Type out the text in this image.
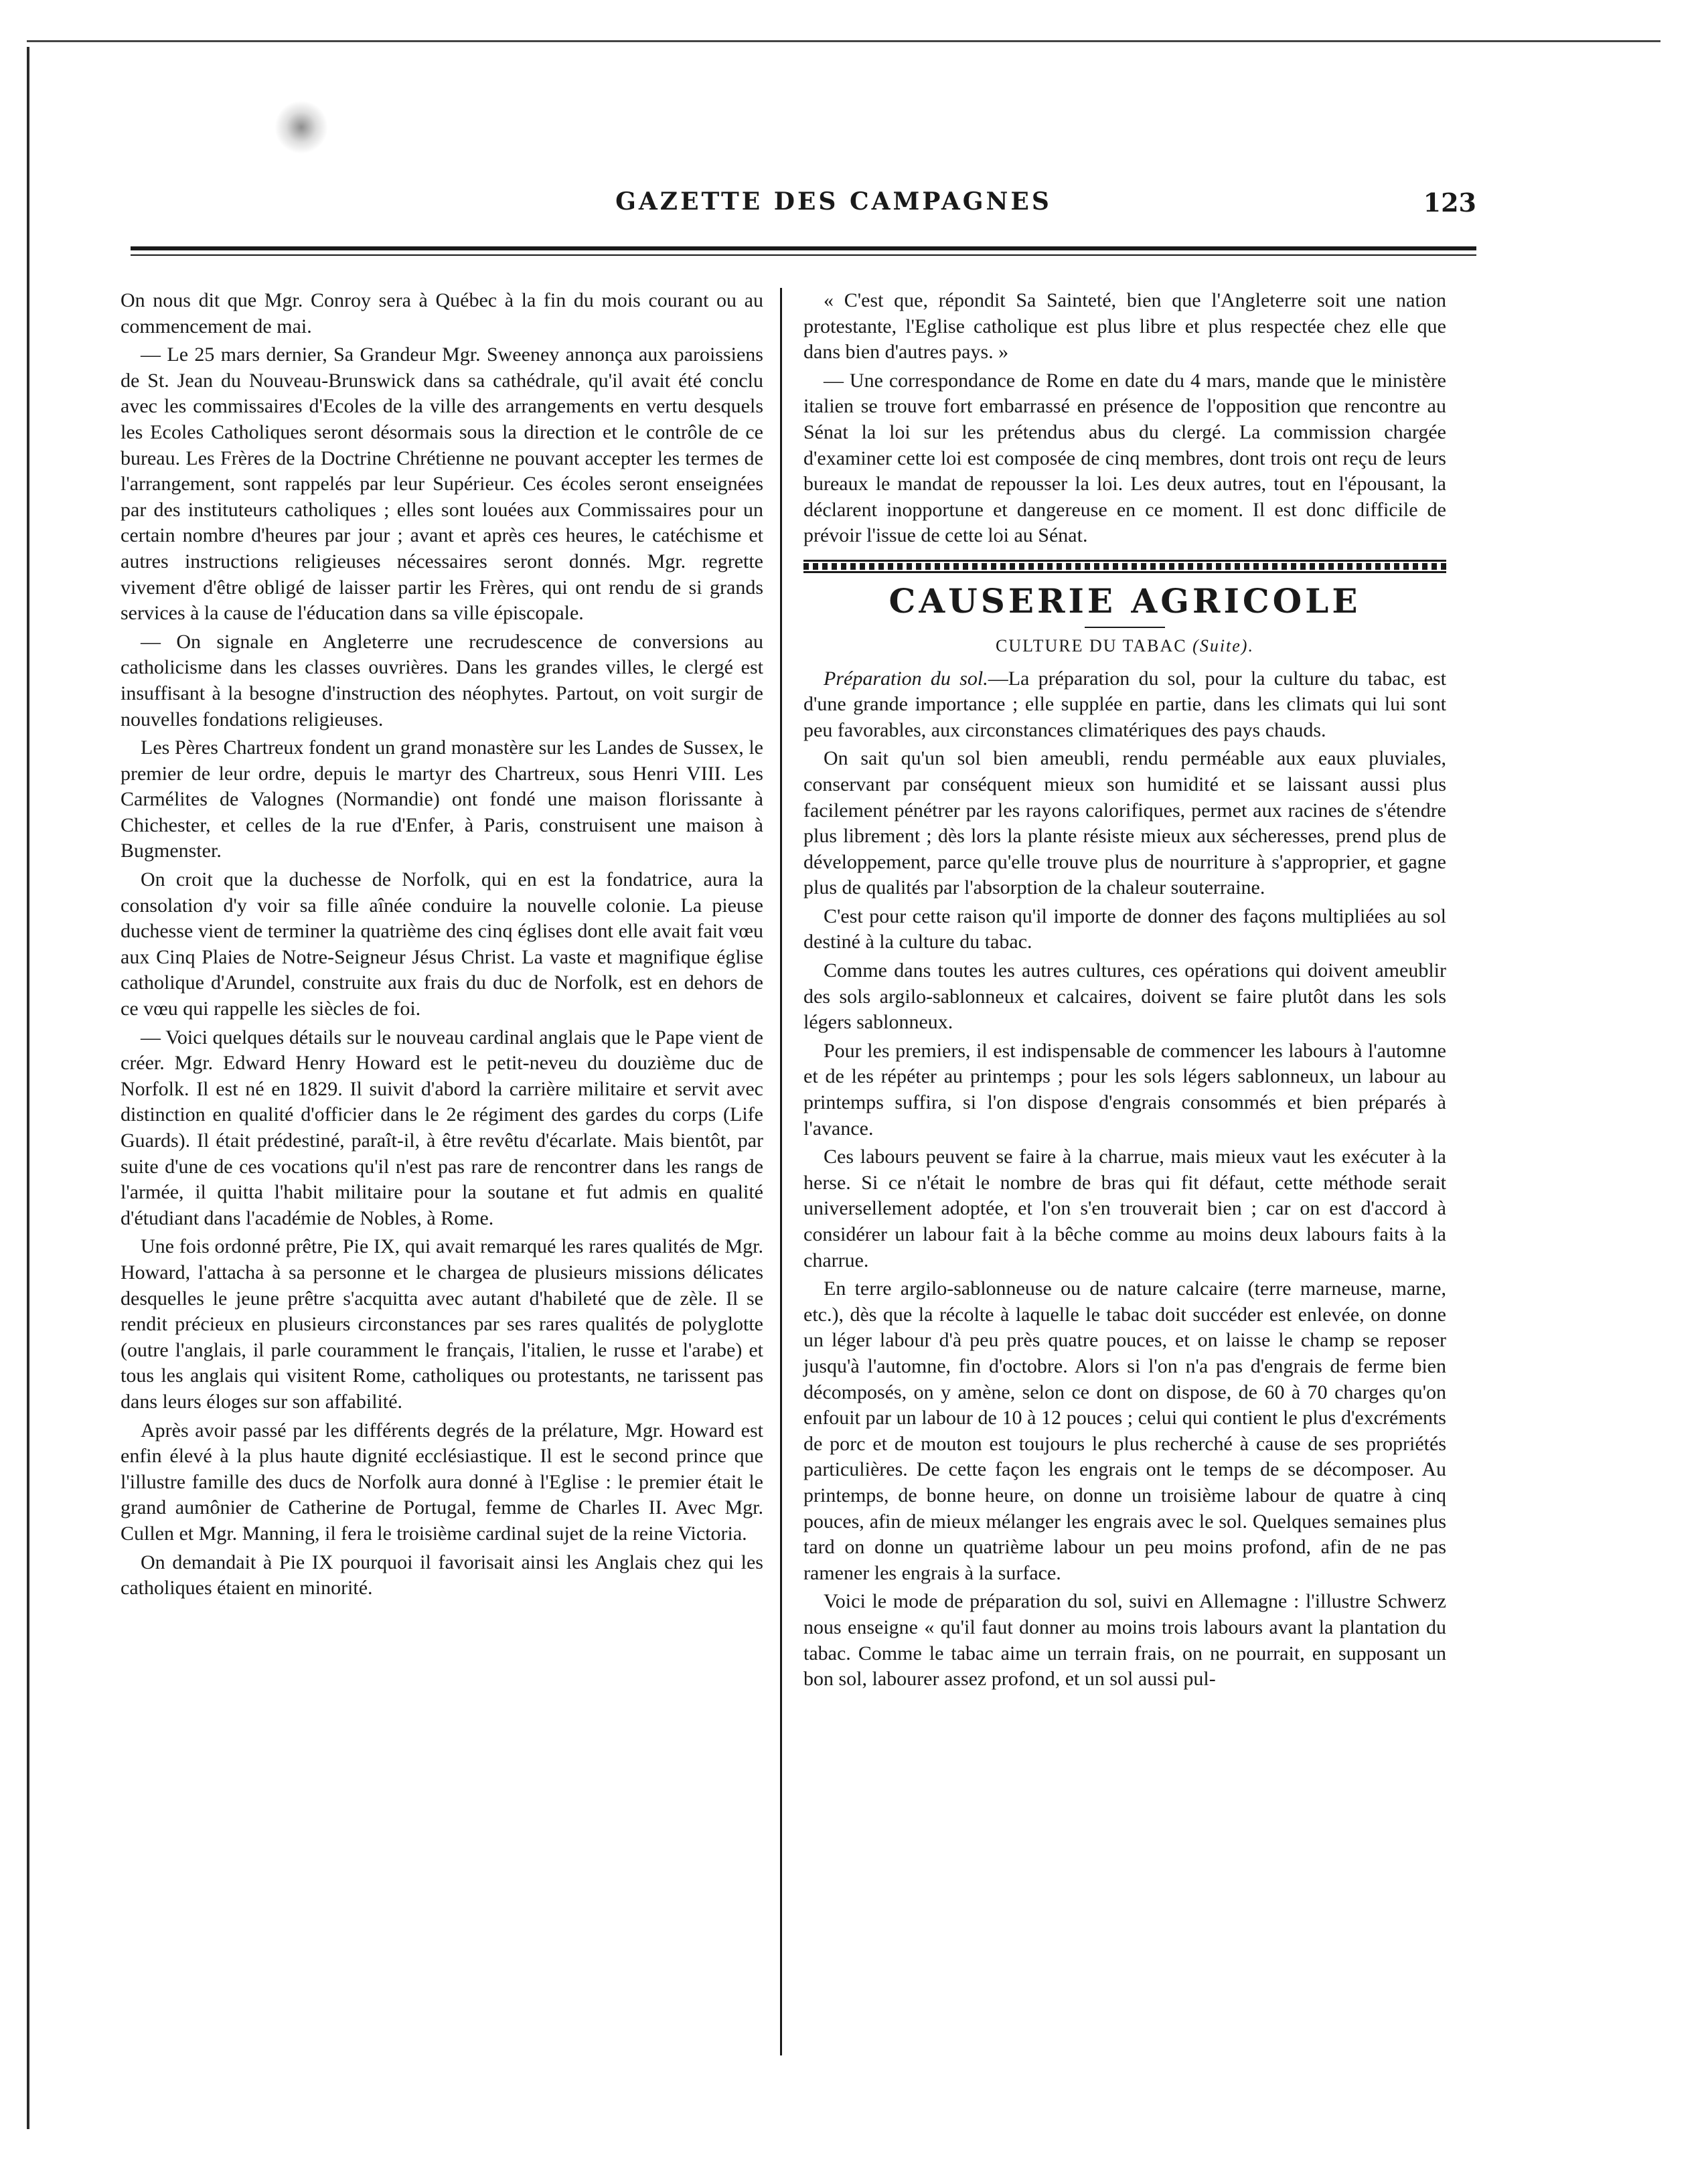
GAZETTE DES CAMPAGNES	123

On nous dit que Mgr. Conroy sera à Québec à la fin du mois courant ou au commencement de mai.

— Le 25 mars dernier, Sa Grandeur Mgr. Sweeney annonça aux paroissiens de St. Jean du Nouveau-Brunswick dans sa cathédrale, qu'il avait été conclu avec les commissaires d'Ecoles de la ville des arrangements en vertu desquels les Ecoles Catholiques seront désormais sous la direction et le contrôle de ce bureau. Les Frères de la Doctrine Chrétienne ne pouvant accepter les termes de l'arrangement, sont rappelés par leur Supérieur. Ces écoles seront enseignées par des instituteurs catholiques ; elles sont louées aux Commissaires pour un certain nombre d'heures par jour ; avant et après ces heures, le catéchisme et autres instructions religieuses nécessaires seront donnés. Mgr. regrette vivement d'être obligé de laisser partir les Frères, qui ont rendu de si grands services à la cause de l'éducation dans sa ville épiscopale.

— On signale en Angleterre une recrudescence de conversions au catholicisme dans les classes ouvrières. Dans les grandes villes, le clergé est insuffisant à la besogne d'instruction des néophytes. Partout, on voit surgir de nouvelles fondations religieuses.

Les Pères Chartreux fondent un grand monastère sur les Landes de Sussex, le premier de leur ordre, depuis le martyr des Chartreux, sous Henri VIII. Les Carmélites de Valognes (Normandie) ont fondé une maison florissante à Chichester, et celles de la rue d'Enfer, à Paris, construisent une maison à Bugmenster.

On croit que la duchesse de Norfolk, qui en est la fondatrice, aura la consolation d'y voir sa fille aînée conduire la nouvelle colonie. La pieuse duchesse vient de terminer la quatrième des cinq églises dont elle avait fait vœu aux Cinq Plaies de Notre-Seigneur Jésus Christ. La vaste et magnifique église catholique d'Arundel, construite aux frais du duc de Norfolk, est en dehors de ce vœu qui rappelle les siècles de foi.

— Voici quelques détails sur le nouveau cardinal anglais que le Pape vient de créer. Mgr. Edward Henry Howard est le petit-neveu du douzième duc de Norfolk. Il est né en 1829. Il suivit d'abord la carrière militaire et servit avec distinction en qualité d'officier dans le 2e régiment des gardes du corps (Life Guards). Il était prédestiné, paraît-il, à être revêtu d'écarlate. Mais bientôt, par suite d'une de ces vocations qu'il n'est pas rare de rencontrer dans les rangs de l'armée, il quitta l'habit militaire pour la soutane et fut admis en qualité d'étudiant dans l'académie de Nobles, à Rome.

Une fois ordonné prêtre, Pie IX, qui avait remarqué les rares qualités de Mgr. Howard, l'attacha à sa personne et le chargea de plusieurs missions délicates desquelles le jeune prêtre s'acquitta avec autant d'habileté que de zèle. Il se rendit précieux en plusieurs circonstances par ses rares qualités de polyglotte (outre l'anglais, il parle couramment le français, l'italien, le russe et l'arabe) et tous les anglais qui visitent Rome, catholiques ou protestants, ne tarissent pas dans leurs éloges sur son affabilité.

Après avoir passé par les différents degrés de la prélature, Mgr. Howard est enfin élevé à la plus haute dignité ecclésiastique. Il est le second prince que l'illustre famille des ducs de Norfolk aura donné à l'Eglise : le premier était le grand aumônier de Catherine de Portugal, femme de Charles II. Avec Mgr. Cullen et Mgr. Manning, il fera le troisième cardinal sujet de la reine Victoria.

On demandait à Pie IX pourquoi il favorisait ainsi les Anglais chez qui les catholiques étaient en minorité.

« C'est que, répondit Sa Sainteté, bien que l'Angleterre soit une nation protestante, l'Eglise catholique est plus libre et plus respectée chez elle que dans bien d'autres pays. »

— Une correspondance de Rome en date du 4 mars, mande que le ministère italien se trouve fort embarrassé en présence de l'opposition que rencontre au Sénat la loi sur les prétendus abus du clergé. La commission chargée d'examiner cette loi est composée de cinq membres, dont trois ont reçu de leurs bureaux le mandat de repousser la loi. Les deux autres, tout en l'épousant, la déclarent inopportune et dangereuse en ce moment. Il est donc difficile de prévoir l'issue de cette loi au Sénat.

CAUSERIE AGRICOLE
CULTURE DU TABAC (Suite).

Préparation du sol.—La préparation du sol, pour la culture du tabac, est d'une grande importance ; elle supplée en partie, dans les climats qui lui sont peu favorables, aux circonstances climatériques des pays chauds.

On sait qu'un sol bien ameubli, rendu perméable aux eaux pluviales, conservant par conséquent mieux son humidité et se laissant aussi plus facilement pénétrer par les rayons calorifiques, permet aux racines de s'étendre plus librement ; dès lors la plante résiste mieux aux sécheresses, prend plus de développement, parce qu'elle trouve plus de nourriture à s'approprier, et gagne plus de qualités par l'absorption de la chaleur souterraine.

C'est pour cette raison qu'il importe de donner des façons multipliées au sol destiné à la culture du tabac.

Comme dans toutes les autres cultures, ces opérations qui doivent ameublir des sols argilo-sablonneux et calcaires, doivent se faire plutôt dans les sols légers sablonneux.

Pour les premiers, il est indispensable de commencer les labours à l'automne et de les répéter au printemps ; pour les sols légers sablonneux, un labour au printemps suffira, si l'on dispose d'engrais consommés et bien préparés à l'avance.

Ces labours peuvent se faire à la charrue, mais mieux vaut les exécuter à la herse. Si ce n'était le nombre de bras qui fit défaut, cette méthode serait universellement adoptée, et l'on s'en trouverait bien ; car on est d'accord à considérer un labour fait à la bêche comme au moins deux labours faits à la charrue.

En terre argilo-sablonneuse ou de nature calcaire (terre marneuse, marne, etc.), dès que la récolte à laquelle le tabac doit succéder est enlevée, on donne un léger labour d'à peu près quatre pouces, et on laisse le champ se reposer jusqu'à l'automne, fin d'octobre. Alors si l'on n'a pas d'engrais de ferme bien décomposés, on y amène, selon ce dont on dispose, de 60 à 70 charges qu'on enfouit par un labour de 10 à 12 pouces ; celui qui contient le plus d'excréments de porc et de mouton est toujours le plus recherché à cause de ses propriétés particulières. De cette façon les engrais ont le temps de se décomposer. Au printemps, de bonne heure, on donne un troisième labour de quatre à cinq pouces, afin de mieux mélanger les engrais avec le sol. Quelques semaines plus tard on donne un quatrième labour un peu moins profond, afin de ne pas ramener les engrais à la surface.

Voici le mode de préparation du sol, suivi en Allemagne : l'illustre Schwerz nous enseigne « qu'il faut donner au moins trois labours avant la plantation du tabac. Comme le tabac aime un terrain frais, on ne pourrait, en supposant un bon sol, labourer assez profond, et un sol aussi pul-
